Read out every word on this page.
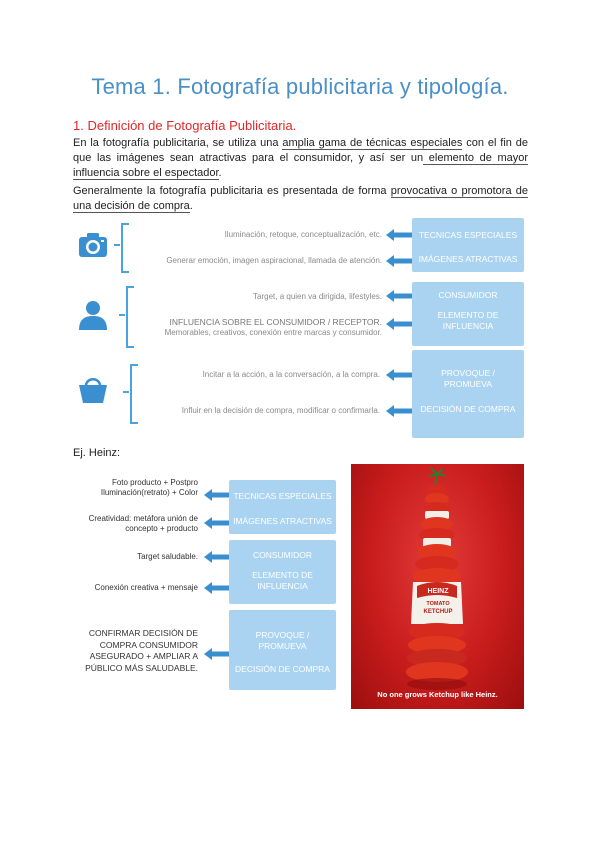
Tema 1. Fotografía publicitaria y tipología.
1. Definición de Fotografía Publicitaria.
En la fotografía publicitaria, se utiliza una amplia gama de técnicas especiales con el fin de que las imágenes sean atractivas para el consumidor, y así ser un elemento de mayor influencia sobre el espectador.
Generalmente la fotografía publicitaria es presentada de forma provocativa o promotora de una decisión de compra.
Iluminación, retoque, conceptualización, etc.
Generar emoción, imagen aspiracional, llamada de atención.
TECNICAS ESPECIALES
IMÁGENES ATRACTIVAS
Target, a quien va dirigida, lifestyles.
INFLUENCIA SOBRE EL CONSUMIDOR / RECEPTOR.
Memorables, creativos, conexión entre marcas y consumidor.
CONSUMIDOR
ELEMENTO DE INFLUENCIA
Incitar a la acción, a la conversación, a la compra.
Influir en la decisión de compra, modificar o confirmarla.
PROVOQUE / PROMUEVA
DECISIÓN DE COMPRA
Ej. Heinz:
Foto producto + Postpro Iluminación(retrato) + Color
Creatividad: metáfora unión de concepto + producto
Target saludable.
Conexión creativa + mensaje
CONFIRMAR DECISIÓN DE COMPRA CONSUMIDOR ASEGURADO + AMPLIAR A PÚBLICO MÁS SALUDABLE.
TECNICAS ESPECIALES
IMÁGENES ATRACTIVAS
CONSUMIDOR
ELEMENTO DE INFLUENCIA
PROVOQUE / PROMUEVA
DECISIÓN DE COMPRA
HEINZ
TOMATO
KETCHUP
No one grows Ketchup like Heinz.
